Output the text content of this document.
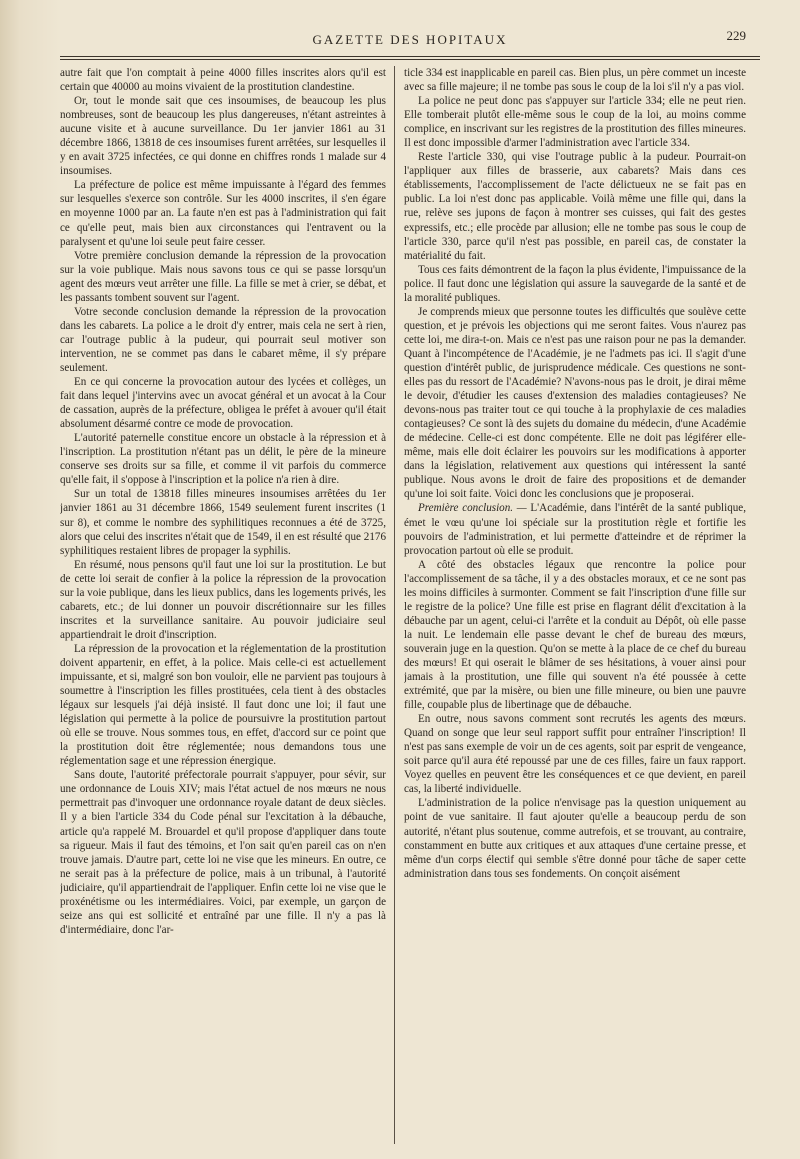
GAZETTE DES HOPITAUX	229

autre fait que l'on comptait à peine 4000 filles inscrites alors qu'il est certain que 40000 au moins vivaient de la prostitution clandestine.

Or, tout le monde sait que ces insoumises, de beaucoup les plus nombreuses, sont de beaucoup les plus dangereuses, n'étant astreintes à aucune visite et à aucune surveillance. Du 1er janvier 1861 au 31 décembre 1866, 13818 de ces insoumises furent arrêtées, sur lesquelles il y en avait 3725 infectées, ce qui donne en chiffres ronds 1 malade sur 4 insoumises.

La préfecture de police est même impuissante à l'égard des femmes sur lesquelles s'exerce son contrôle. Sur les 4000 inscrites, il s'en égare en moyenne 1000 par an. La faute n'en est pas à l'administration qui fait ce qu'elle peut, mais bien aux circonstances qui l'entravent ou la paralysent et qu'une loi seule peut faire cesser.

Votre première conclusion demande la répression de la provocation sur la voie publique. Mais nous savons tous ce qui se passe lorsqu'un agent des mœurs veut arrêter une fille. La fille se met à crier, se débat, et les passants tombent souvent sur l'agent.

Votre seconde conclusion demande la répression de la provocation dans les cabarets. La police a le droit d'y entrer, mais cela ne sert à rien, car l'outrage public à la pudeur, qui pourrait seul motiver son intervention, ne se commet pas dans le cabaret même, il s'y prépare seulement.

En ce qui concerne la provocation autour des lycées et collèges, un fait dans lequel j'intervins avec un avocat général et un avocat à la Cour de cassation, auprès de la préfecture, obligea le préfet à avouer qu'il était absolument désarmé contre ce mode de provocation.

L'autorité paternelle constitue encore un obstacle à la répression et à l'inscription. La prostitution n'étant pas un délit, le père de la mineure conserve ses droits sur sa fille, et comme il vit parfois du commerce qu'elle fait, il s'oppose à l'inscription et la police n'a rien à dire.

Sur un total de 13818 filles mineures insoumises arrêtées du 1er janvier 1861 au 31 décembre 1866, 1549 seulement furent inscrites (1 sur 8), et comme le nombre des syphilitiques reconnues a été de 3725, alors que celui des inscrites n'était que de 1549, il en est résulté que 2176 syphilitiques restaient libres de propager la syphilis.

En résumé, nous pensons qu'il faut une loi sur la prostitution. Le but de cette loi serait de confier à la police la répression de la provocation sur la voie publique, dans les lieux publics, dans les logements privés, les cabarets, etc.; de lui donner un pouvoir discrétionnaire sur les filles inscrites et la surveillance sanitaire. Au pouvoir judiciaire seul appartiendrait le droit d'inscription.

La répression de la provocation et la réglementation de la prostitution doivent appartenir, en effet, à la police. Mais celle-ci est actuellement impuissante, et si, malgré son bon vouloir, elle ne parvient pas toujours à soumettre à l'inscription les filles prostituées, cela tient à des obstacles légaux sur lesquels j'ai déjà insisté. Il faut donc une loi; il faut une législation qui permette à la police de poursuivre la prostitution partout où elle se trouve. Nous sommes tous, en effet, d'accord sur ce point que la prostitution doit être réglementée; nous demandons tous une réglementation sage et une répression énergique.

Sans doute, l'autorité préfectorale pourrait s'appuyer, pour sévir, sur une ordonnance de Louis XIV; mais l'état actuel de nos mœurs ne nous permettrait pas d'invoquer une ordonnance royale datant de deux siècles. Il y a bien l'article 334 du Code pénal sur l'excitation à la débauche, article qu'a rappelé M. Brouardel et qu'il propose d'appliquer dans toute sa rigueur. Mais il faut des témoins, et l'on sait qu'en pareil cas on n'en trouve jamais. D'autre part, cette loi ne vise que les mineurs. En outre, ce ne serait pas à la préfecture de police, mais à un tribunal, à l'autorité judiciaire, qu'il appartiendrait de l'appliquer. Enfin cette loi ne vise que le proxénétisme ou les intermédiaires. Voici, par exemple, un garçon de seize ans qui est sollicité et entraîné par une fille. Il n'y a pas là d'intermédiaire, donc l'ar-

ticle 334 est inapplicable en pareil cas. Bien plus, un père commet un inceste avec sa fille majeure; il ne tombe pas sous le coup de la loi s'il n'y a pas viol.

La police ne peut donc pas s'appuyer sur l'article 334; elle ne peut rien. Elle tomberait plutôt elle-même sous le coup de la loi, au moins comme complice, en inscrivant sur les registres de la prostitution des filles mineures. Il est donc impossible d'armer l'administration avec l'article 334.

Reste l'article 330, qui vise l'outrage public à la pudeur. Pourrait-on l'appliquer aux filles de brasserie, aux cabarets? Mais dans ces établissements, l'accomplissement de l'acte délictueux ne se fait pas en public. La loi n'est donc pas applicable. Voilà même une fille qui, dans la rue, relève ses jupons de façon à montrer ses cuisses, qui fait des gestes expressifs, etc.; elle procède par allusion; elle ne tombe pas sous le coup de l'article 330, parce qu'il n'est pas possible, en pareil cas, de constater la matérialité du fait.

Tous ces faits démontrent de la façon la plus évidente, l'impuissance de la police. Il faut donc une législation qui assure la sauvegarde de la santé et de la moralité publiques.

Je comprends mieux que personne toutes les difficultés que soulève cette question, et je prévois les objections qui me seront faites. Vous n'aurez pas cette loi, me dira-t-on. Mais ce n'est pas une raison pour ne pas la demander. Quant à l'incompétence de l'Académie, je ne l'admets pas ici. Il s'agit d'une question d'intérêt public, de jurisprudence médicale. Ces questions ne sont-elles pas du ressort de l'Académie? N'avons-nous pas le droit, je dirai même le devoir, d'étudier les causes d'extension des maladies contagieuses? Ne devons-nous pas traiter tout ce qui touche à la prophylaxie de ces maladies contagieuses? Ce sont là des sujets du domaine du médecin, d'une Académie de médecine. Celle-ci est donc compétente. Elle ne doit pas légiférer elle-même, mais elle doit éclairer les pouvoirs sur les modifications à apporter dans la législation, relativement aux questions qui intéressent la santé publique. Nous avons le droit de faire des propositions et de demander qu'une loi soit faite. Voici donc les conclusions que je proposerai.

Première conclusion. — L'Académie, dans l'intérêt de la santé publique, émet le vœu qu'une loi spéciale sur la prostitution règle et fortifie les pouvoirs de l'administration, et lui permette d'atteindre et de réprimer la provocation partout où elle se produit.

A côté des obstacles légaux que rencontre la police pour l'accomplissement de sa tâche, il y a des obstacles moraux, et ce ne sont pas les moins difficiles à surmonter. Comment se fait l'inscription d'une fille sur le registre de la police? Une fille est prise en flagrant délit d'excitation à la débauche par un agent, celui-ci l'arrête et la conduit au Dépôt, où elle passe la nuit. Le lendemain elle passe devant le chef de bureau des mœurs, souverain juge en la question. Qu'on se mette à la place de ce chef du bureau des mœurs! Et qui oserait le blâmer de ses hésitations, à vouer ainsi pour jamais à la prostitution, une fille qui souvent n'a été poussée à cette extrémité, que par la misère, ou bien une fille mineure, ou bien une pauvre fille, coupable plus de libertinage que de débauche.

En outre, nous savons comment sont recrutés les agents des mœurs. Quand on songe que leur seul rapport suffit pour entraîner l'inscription! Il n'est pas sans exemple de voir un de ces agents, soit par esprit de vengeance, soit parce qu'il aura été repoussé par une de ces filles, faire un faux rapport. Voyez quelles en peuvent être les conséquences et ce que devient, en pareil cas, la liberté individuelle.

L'administration de la police n'envisage pas la question uniquement au point de vue sanitaire. Il faut ajouter qu'elle a beaucoup perdu de son autorité, n'étant plus soutenue, comme autrefois, et se trouvant, au contraire, constamment en butte aux critiques et aux attaques d'une certaine presse, et même d'un corps électif qui semble s'être donné pour tâche de saper cette administration dans tous ses fondements. On conçoit aisément
